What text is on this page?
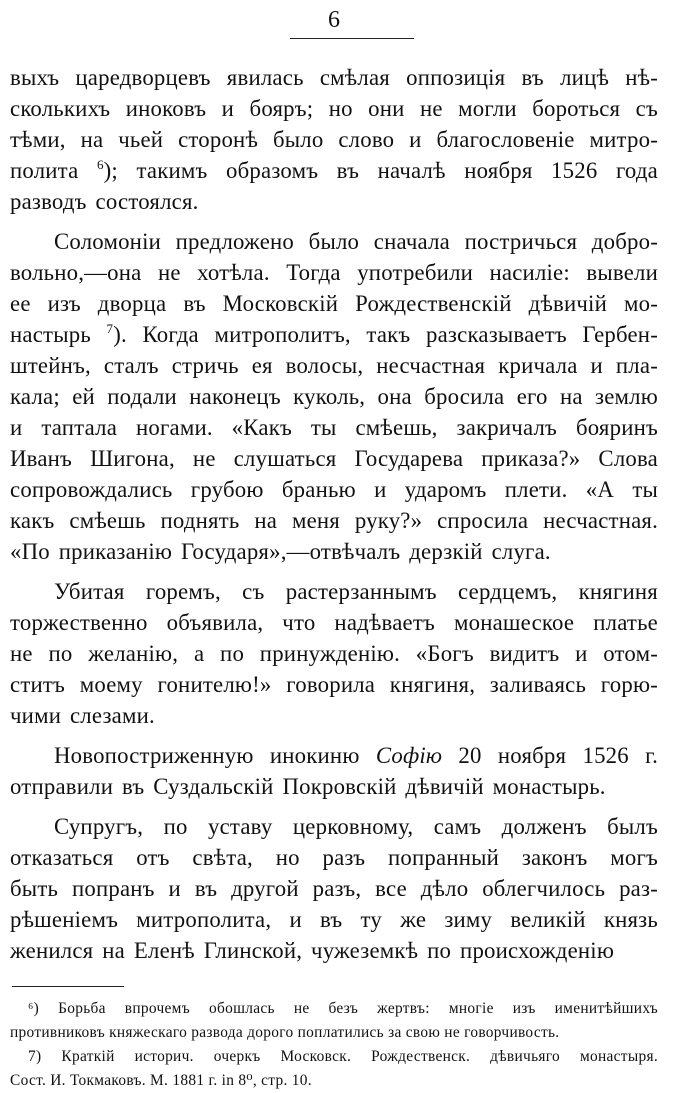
6
выхъ царедворцевъ явилась смѣлая оппозиція въ лицѣ нѣ-
сколькихъ иноковъ и бояръ; но они не могли бороться съ
тѣми, на чьей сторонѣ было слово и благословеніе митро-
полита $^6$); такимъ образомъ въ началѣ ноября 1526 года
разводъ состоялся.
Соломоніи предложено было сначала постричься добро-
вольно,—она не хотѣла. Тогда употребили насиліе: вывели
ее изъ дворца въ Московскій Рождественскій дѣвичій мо-
настырь $^7$). Когда митрополитъ, такъ разсказываетъ Гербен-
штейнъ, сталъ стричь ея волосы, несчастная кричала и пла-
кала; ей подали наконецъ куколь, она бросила его на землю
и таптала ногами. «Какъ ты смѣешь, закричалъ бояринъ
Иванъ Шигона, не слушаться Государева приказа?» Слова
сопровождались грубою бранью и ударомъ плети. «А ты
какъ смѣешь поднять на меня руку?» спросила несчастная.
«По приказанію Государя»,—отвѣчалъ дерзкій слуга.
Убитая горемъ, съ растерзаннымъ сердцемъ, княгиня
торжественно объявила, что надѣваетъ монашеское платье
не по желанію, а по принужденію. «Богъ видитъ и отом-
ститъ моему гонителю!» говорила княгиня, заливаясь горю-
чими слезами.
Новопостриженную инокиню Софію 20 ноября 1526 г.
отправили въ Суздальскій Покровскій дѣвичій монастырь.
Супругъ, по уставу церковному, самъ долженъ былъ
отказаться отъ свѣта, но разъ попранный законъ могъ
быть попранъ и въ другой разъ, все дѣло облегчилось раз-
рѣшеніемъ митрополита, и въ ту же зиму великій князь
женился на Еленѣ Глинской, чужеземкѣ по происхожденію
⁶) Борьба впрочемъ обошлась не безъ жертвъ: многіе изъ именитѣйшихъ
противниковъ княжескаго развода дорого поплатились за свою не говорчивость.
7) Краткій историч. очеркъ Московск. Рождественск. дѣвичьяго монастыря.
Сост. И. Токмаковъ. М. 1881 г. in 8⁰, стр. 10.
